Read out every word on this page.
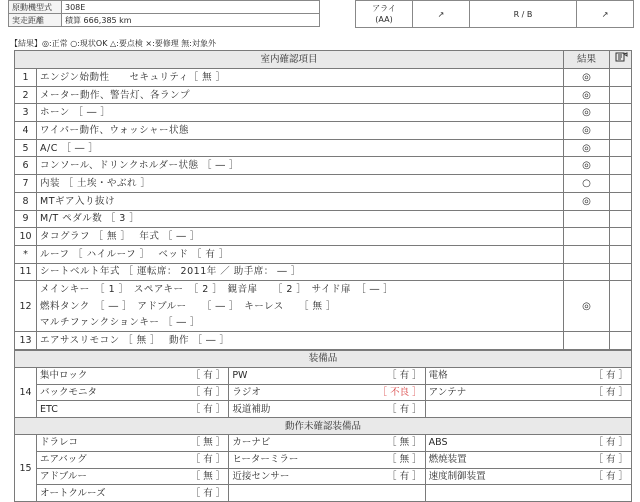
原動機型式	308E
実走距離	積算 666,385 km
アライ
(AA)	↗	R / B	↗
【結果】◎:正常 ○:現状OK △:要点検 ×:要修理 無:対象外
室内確認項目		結果	
1	エンジン始動性　　セキュリティ［ 無 ］	◎	
2	メーター動作、警告灯、各ランプ	◎	
3	ホーン ［ ― ］	◎	
4	ワイパー動作、ウォッシャー状態	◎	
5	A/C ［ ― ］	◎	
6	コンソール、ドリンクホルダー状態 ［ ― ］	◎	
7	内装 ［ 土埃・やぶれ ］	○	
8	MTギア入り抜け	◎	
9	M/T ペダル数 ［ 3 ］		
10	タコグラフ ［ 無 ］　 年式 ［ ― ］		
*	ルーフ ［ ハイルーフ ］　 ベッド ［ 有 ］		
11	シートベルト年式 ［ 運転席： 2011年 ／ 助手席： ― ］		
12	メインキー　［ 1 ］　スペアキー　［ 2 ］　観音扉　　［ 2 ］　サイド扉　［ ― ］	◎	
	燃料タンク　［ ― ］　アドブルー　　［ ― ］　キーレス　　［ 無 ］		
	マルチファンクションキー ［ ― ］		
13	エアサスリモコン ［ 無 ］　 動作 ［ ― ］		
装備品						
14	集中ロック	［ 有 ］	PW	［ 有 ］	電格	［ 有 ］
	バックモニタ	［ 有 ］	ラジオ	［ 不良 ］	アンテナ	［ 有 ］
	ETC	［ 有 ］	坂道補助	［ 有 ］		
動作未確認装備品						
15	ドラレコ	［ 無 ］	カーナビ	［ 無 ］	ABS	［ 有 ］
	エアバッグ	［ 有 ］	ヒーターミラー	［ 無 ］	燃焼装置	［ 有 ］
	アドブルー	［ 無 ］	近接センサー	［ 有 ］	速度制御装置	［ 有 ］
	オートクルーズ	［ 有 ］				
